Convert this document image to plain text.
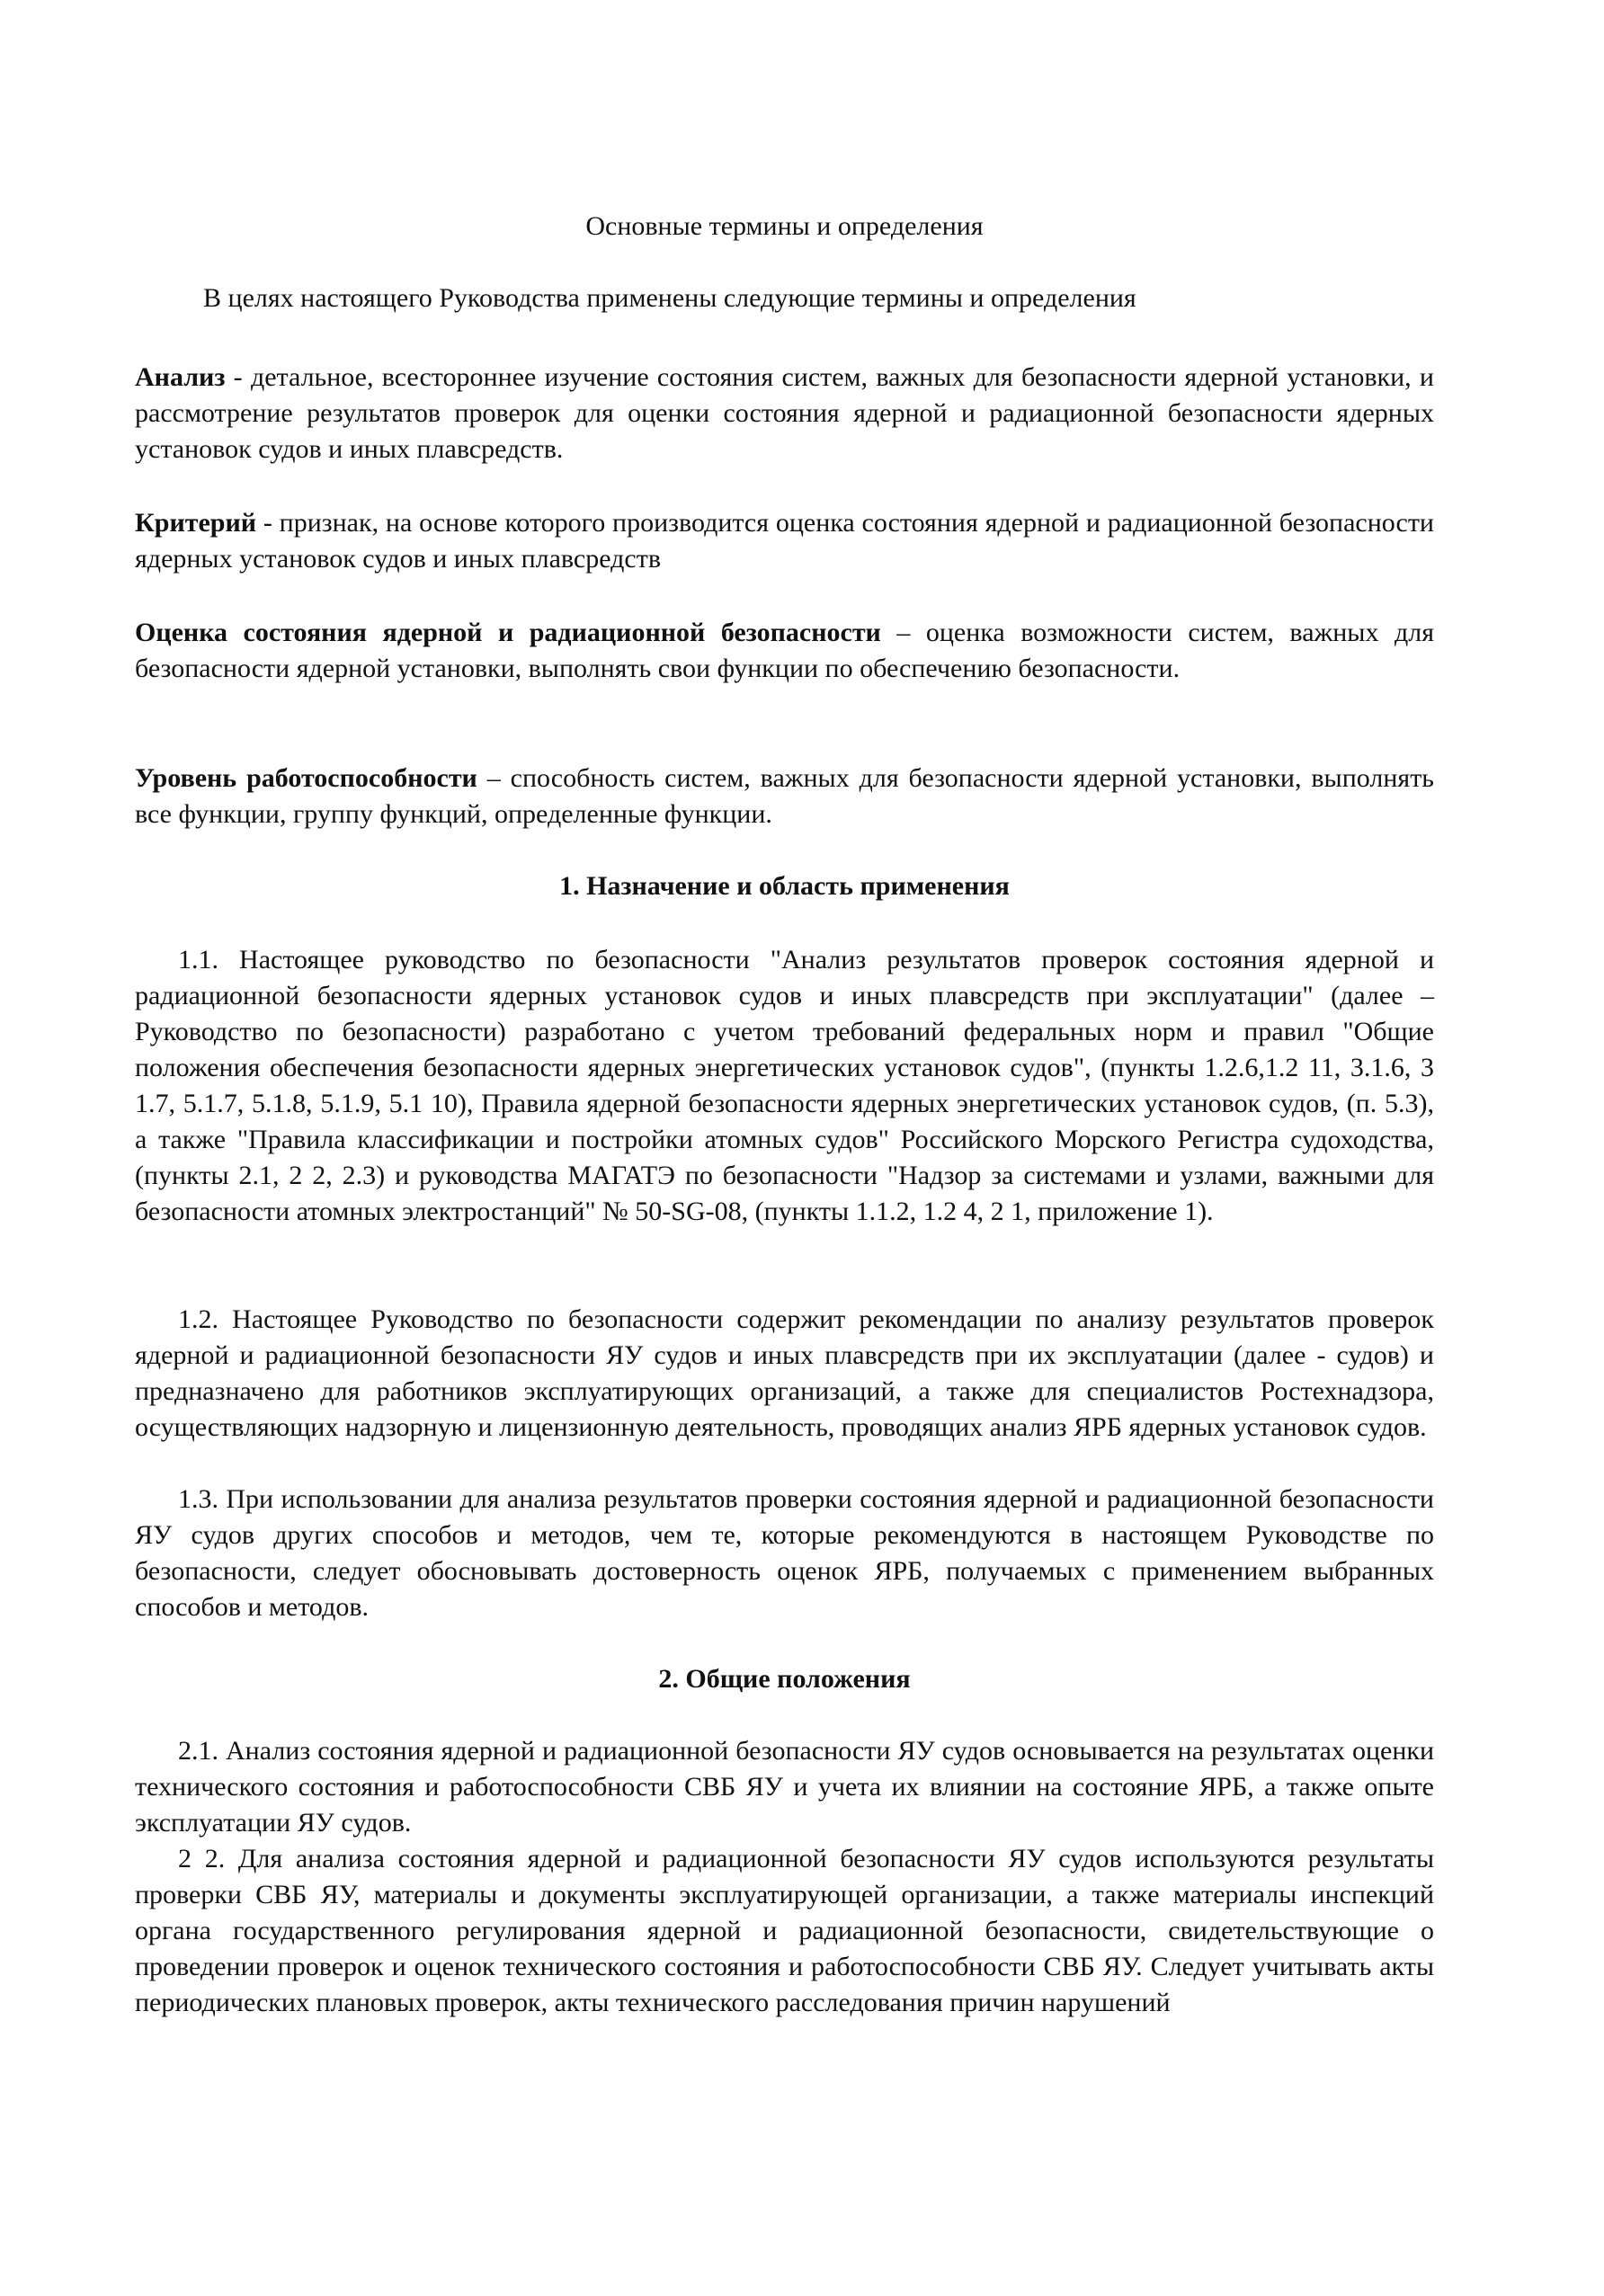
Основные термины и определения

В целях настоящего Руководства применены следующие термины и определения

Анализ - детальное, всестороннее изучение состояния систем, важных для безопасности ядерной установки, и рассмотрение результатов проверок для оценки состояния ядерной и радиационной безопасности ядерных установок судов и иных плавсредств.

Критерий - признак, на основе которого производится оценка состояния ядерной и радиационной безопасности ядерных установок судов и иных плавсредств

Оценка состояния ядерной и радиационной безопасности – оценка возможности систем, важных для безопасности ядерной установки, выполнять свои функции по обеспечению безопасности.

Уровень работоспособности – способность систем, важных для безопасности ядерной установки, выполнять все функции, группу функций, определенные функции.

1. Назначение и область применения

1.1. Настоящее руководство по безопасности "Анализ результатов проверок состояния ядерной и радиационной безопасности ядерных установок судов и иных плавсредств при эксплуатации" (далее – Руководство по безопасности) разработано с учетом требований федеральных норм и правил "Общие положения обеспечения безопасности ядерных энергетических установок судов", (пункты 1.2.6,1.2 11, 3.1.6, 3 1.7, 5.1.7, 5.1.8, 5.1.9, 5.1 10), Правила ядерной безопасности ядерных энергетических установок судов, (п. 5.3), а также "Правила классификации и постройки атомных судов" Российского Морского Регистра судоходства, (пункты 2.1, 2 2, 2.3) и руководства МАГАТЭ по безопасности "Надзор за системами и узлами, важными для безопасности атомных электростанций" № 50-SG-08, (пункты 1.1.2, 1.2 4, 2 1, приложение 1).

1.2. Настоящее Руководство по безопасности содержит рекомендации по анализу результатов проверок ядерной и радиационной безопасности ЯУ судов и иных плавсредств при их эксплуатации (далее - судов) и предназначено для работников эксплуатирующих организаций, а также для специалистов Ростехнадзора, осуществляющих надзорную и лицензионную деятельность, проводящих анализ ЯРБ ядерных установок судов.

1.3. При использовании для анализа результатов проверки состояния ядерной и радиационной безопасности ЯУ судов других способов и методов, чем те, которые рекомендуются в настоящем Руководстве по безопасности, следует обосновывать достоверность оценок ЯРБ, получаемых с применением выбранных способов и методов.

2. Общие положения

2.1. Анализ состояния ядерной и радиационной безопасности ЯУ судов основывается на результатах оценки технического состояния и работоспособности СВБ ЯУ и учета их влиянии на состояние ЯРБ, а также опыте эксплуатации ЯУ судов.

2 2. Для анализа состояния ядерной и радиационной безопасности ЯУ судов используются результаты проверки СВБ ЯУ, материалы и документы эксплуатирующей организации, а также материалы инспекций органа государственного регулирования ядерной и радиационной безопасности, свидетельствующие о проведении проверок и оценок технического состояния и работоспособности СВБ ЯУ. Следует учитывать акты периодических плановых проверок, акты технического расследования причин нарушений
